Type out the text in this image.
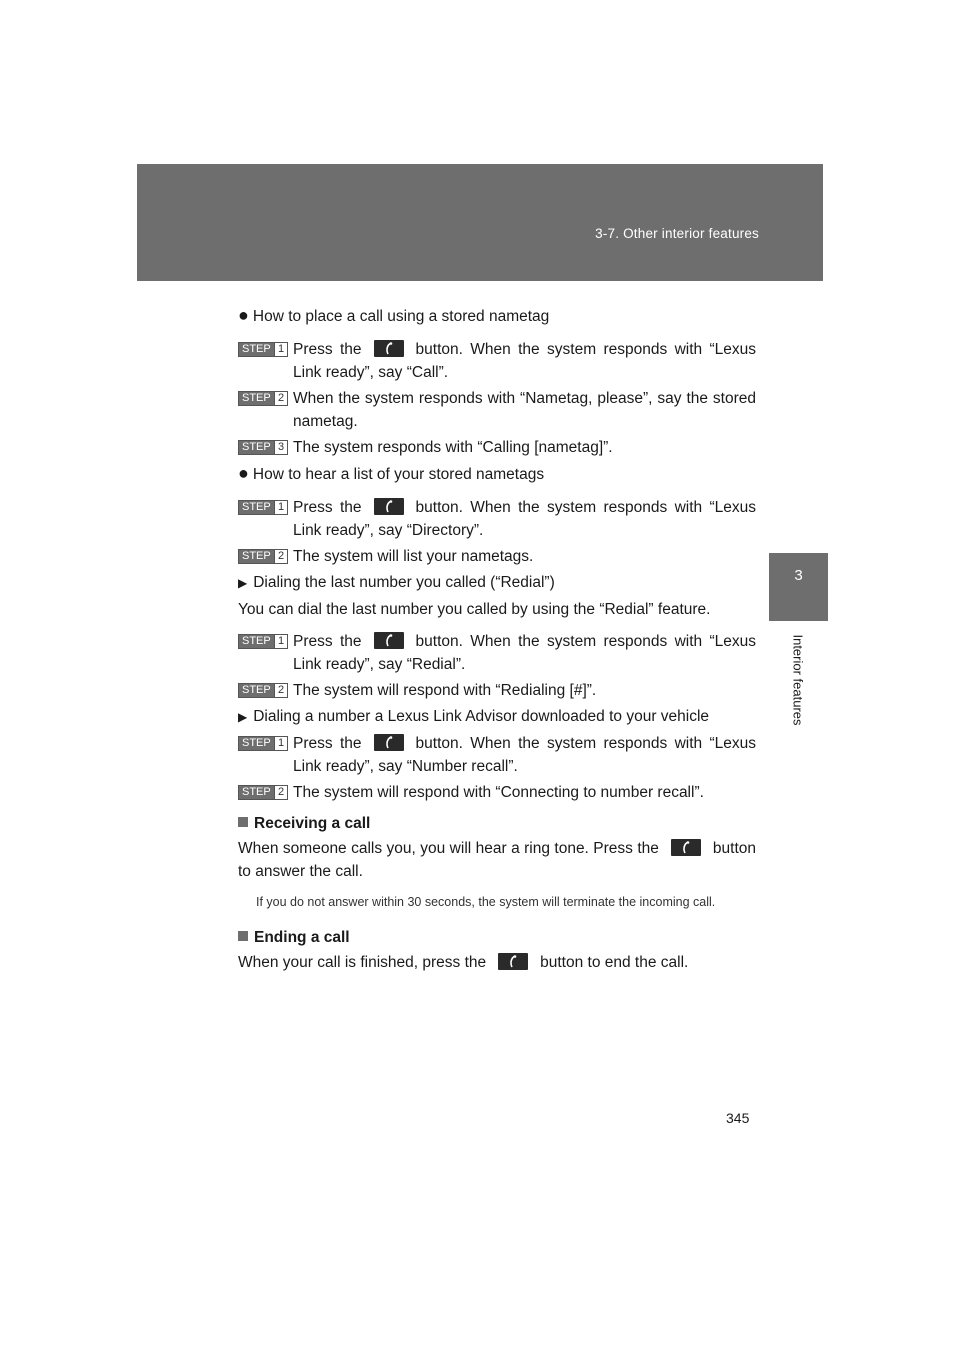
3-7. Other interior features
3
Interior features
● How to place a call using a stored nametag
STEP 1 Press the	button. When the system responds with “Lexus Link ready”, say “Call”.
STEP 2 When the system responds with “Nametag, please”, say the stored nametag.
STEP 3 The system responds with “Calling [nametag]”.
● How to hear a list of your stored nametags
STEP 1 Press the	button. When the system responds with “Lexus Link ready”, say “Directory”.
STEP 2 The system will list your nametags.
▶ Dialing the last number you called (“Redial”)
You can dial the last number you called by using the “Redial” feature.
STEP 1 Press the	button. When the system responds with “Lexus Link ready”, say “Redial”.
STEP 2 The system will respond with “Redialing [#]”.
▶ Dialing a number a Lexus Link Advisor downloaded to your vehicle
STEP 1 Press the	button. When the system responds with “Lexus Link ready”, say “Number recall”.
STEP 2 The system will respond with “Connecting to number recall”.
Receiving a call
When someone calls you, you will hear a ring tone. Press the	button to answer the call.
If you do not answer within 30 seconds, the system will terminate the incoming call.
Ending a call
When your call is finished, press the	button to end the call.
345
